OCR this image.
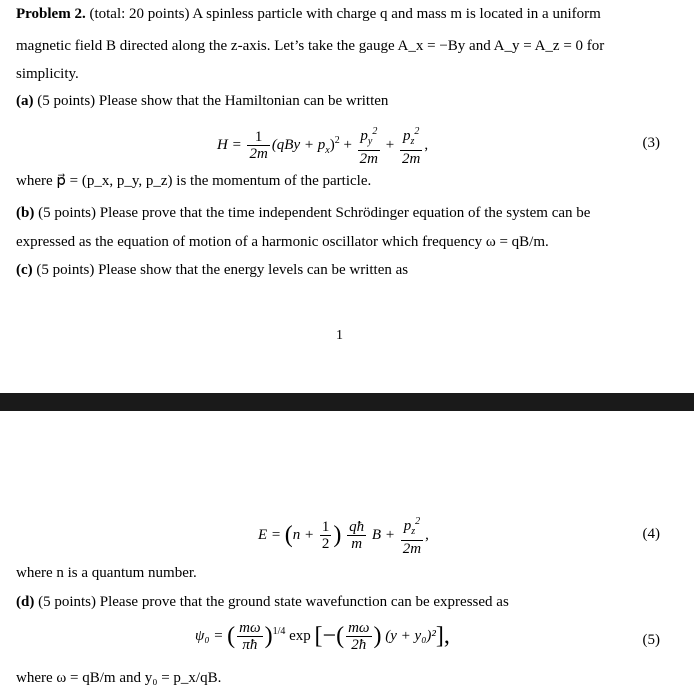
Problem 2. (total: 20 points) A spinless particle with charge q and mass m is located in a uniform
magnetic field B directed along the z-axis. Let’s take the gauge A_x = −By and A_y = A_z = 0 for
simplicity.
(a) (5 points) Please show that the Hamiltonian can be written
$H = \frac{1}{2m} (qBy + p_x)^2 + \frac{p_y^2}{2m} + \frac{p_z^2}{2m}$ ,	(3)
where p⃗ = (p_x, p_y, p_z) is the momentum of the particle.
(b) (5 points) Please prove that the time independent Schrödinger equation of the system can be
expressed as the equation of motion of a harmonic oscillator which frequency ω = qB/m.
(c) (5 points) Please show that the energy levels can be written as
1
$E = (n + \frac{1}{2}$ ) $\frac{qħ}{m}$ $B + \frac{p_z^2}{2m}$ ,	(4)
where n is a quantum number.
(d) (5 points) Please prove that the ground state wavefunction can be expressed as
ψ₀ = ( $\frac{m\omega}{\pi ħ} )^{1/4}$ exp [−( $\frac{m\omega}{2ħ}$ ) (y + y₀)²],	(5)
where ω = qB/m and y₀ = p_x/qB.
